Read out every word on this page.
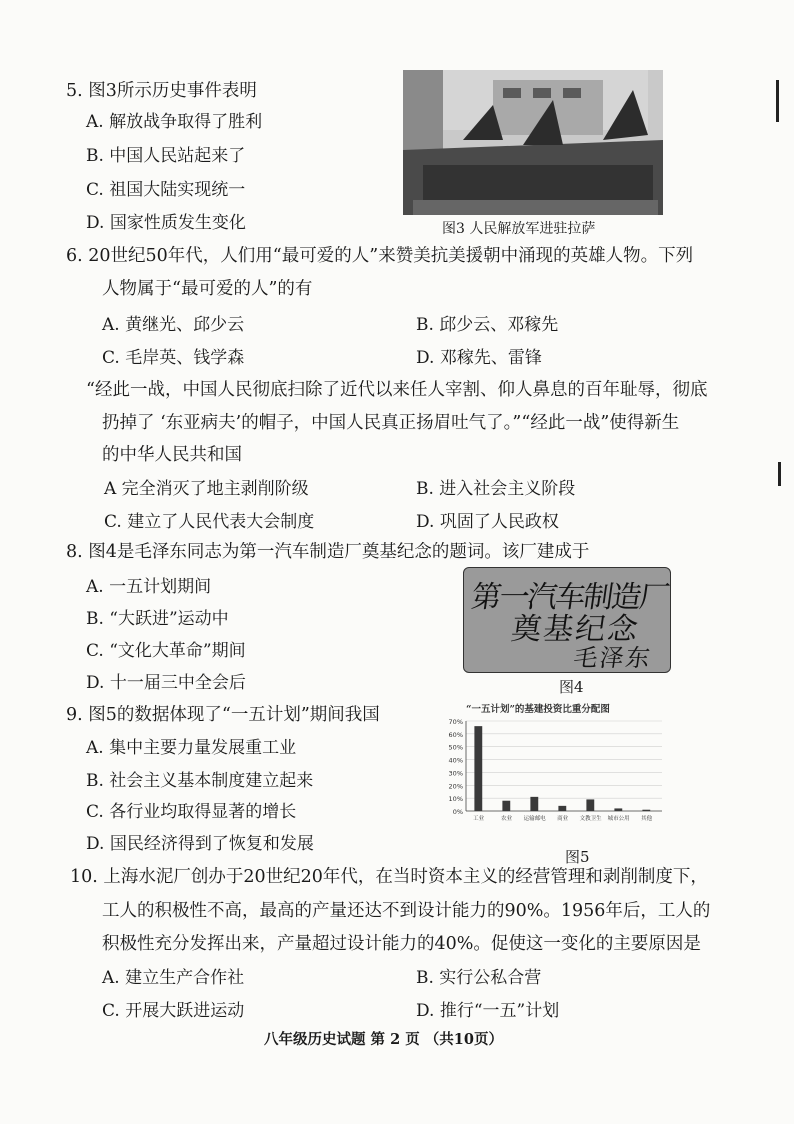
5. 图3所示历史事件表明
A. 解放战争取得了胜利
B. 中国人民站起来了
C. 祖国大陆实现统一
D. 国家性质发生变化	图3 人民解放军进驻拉萨
6. 20世纪50年代，人们用“最可爱的人”来赞美抗美援朝中涌现的英雄人物。下列
人物属于“最可爱的人”的有
A. 黄继光、邱少云	B. 邱少云、邓稼先
C. 毛岸英、钱学森	D. 邓稼先、雷锋
“经此一战，中国人民彻底扫除了近代以来任人宰割、仰人鼻息的百年耻辱，彻底
扔掉了 ‘东亚病夫’的帽子，中国人民真正扬眉吐气了。”“经此一战”使得新生
的中华人民共和国
A 完全消灭了地主剥削阶级	B. 进入社会主义阶段
C. 建立了人民代表大会制度	D. 巩固了人民政权
8. 图4是毛泽东同志为第一汽车制造厂奠基纪念的题词。该厂建成于
A. 一五计划期间
B. “大跃进”运动中
C. “文化大革命”期间
D. 十一届三中全会后
第一汽车制造厂
奠基纪念
毛泽东
图4
9. 图5的数据体现了“一五计划”期间我国
A. 集中主要力量发展重工业
B. 社会主义基本制度建立起来
C. 各行业均取得显著的增长
D. 国民经济得到了恢复和发展
“一五计划”的基建投资比重分配图
0%
10%
20%
30%
40%
50%
60%
70%
工业	农业 运输邮电 商业 文教卫生 城市公用 其他
图5
10. 上海水泥厂创办于20世纪20年代，在当时资本主义的经营管理和剥削制度下，
工人的积极性不高，最高的产量还达不到设计能力的90%。1956年后，工人的
积极性充分发挥出来，产量超过设计能力的40%。促使这一变化的主要原因是
A. 建立生产合作社	B. 实行公私合营
C. 开展大跃进运动	D. 推行“一五”计划
八年级历史试题 第 2 页 （共10页）
